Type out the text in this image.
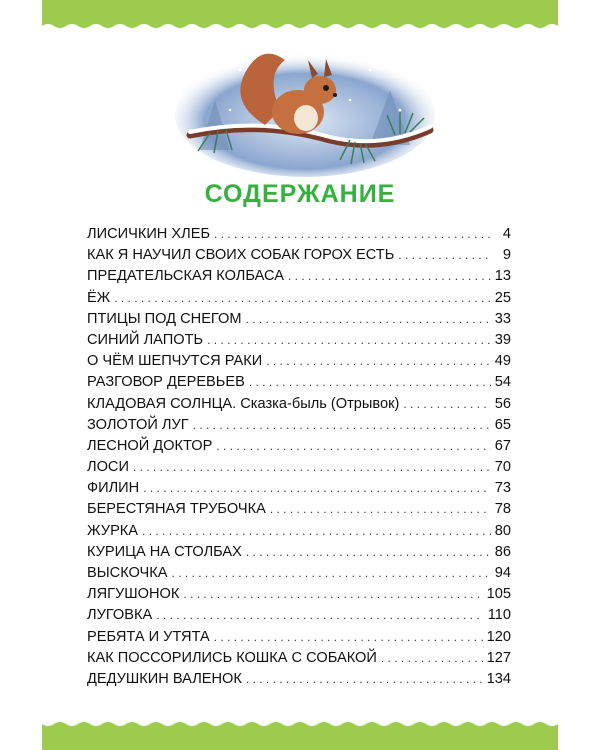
СОДЕРЖАНИЕ
ЛИСИЧКИН ХЛЕБ . . .	4
КАК Я НАУЧИЛ СВОИХ СОБАК ГОРОХ ЕСТЬ . . .	9
ПРЕДАТЕЛЬСКАЯ КОЛБАСА . . .	13
ЁЖ . . .	25
ПТИЦЫ ПОД СНЕГОМ . . .	33
СИНИЙ ЛАПОТЬ . . .	39
О ЧЁМ ШЕПЧУТСЯ РАКИ . . .	49
РАЗГОВОР ДЕРЕВЬЕВ . . .	54
КЛАДОВАЯ СОЛНЦА. Сказка-быль (Отрывок) . . .	56
ЗОЛОТОЙ ЛУГ . . .	65
ЛЕСНОЙ ДОКТОР . . .	67
ЛОСИ . . .	70
ФИЛИН . . .	73
БЕРЕСТЯНАЯ ТРУБОЧКА . . .	78
ЖУРКА . . .	80
КУРИЦА НА СТОЛБАХ . . .	86
ВЫСКОЧКА . . .	94
ЛЯГУШОНОК . . .	105
ЛУГОВКА . . .	110
РЕБЯТА И УТЯТА . . .	120
КАК ПОССОРИЛИСЬ КОШКА С СОБАКОЙ . . .	127
ДЕДУШКИН ВАЛЕНОК . . .	134
